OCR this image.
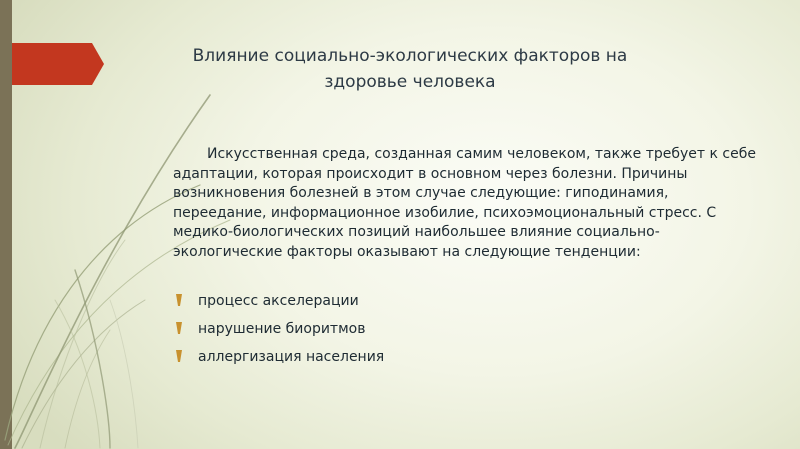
Влияние социально-экологических факторов на здоровье человека

Искусственная среда, созданная самим человеком, также требует к себе адаптации, которая происходит в основном через болезни. Причины возникновения болезней в этом случае следующие: гиподинамия, переедание, информационное изобилие, психоэмоциональный стресс. С медико-биологических позиций наибольшее влияние социально-экологические факторы оказывают на следующие тенденции:

процесс акселерации
нарушение биоритмов
аллергизация населения
